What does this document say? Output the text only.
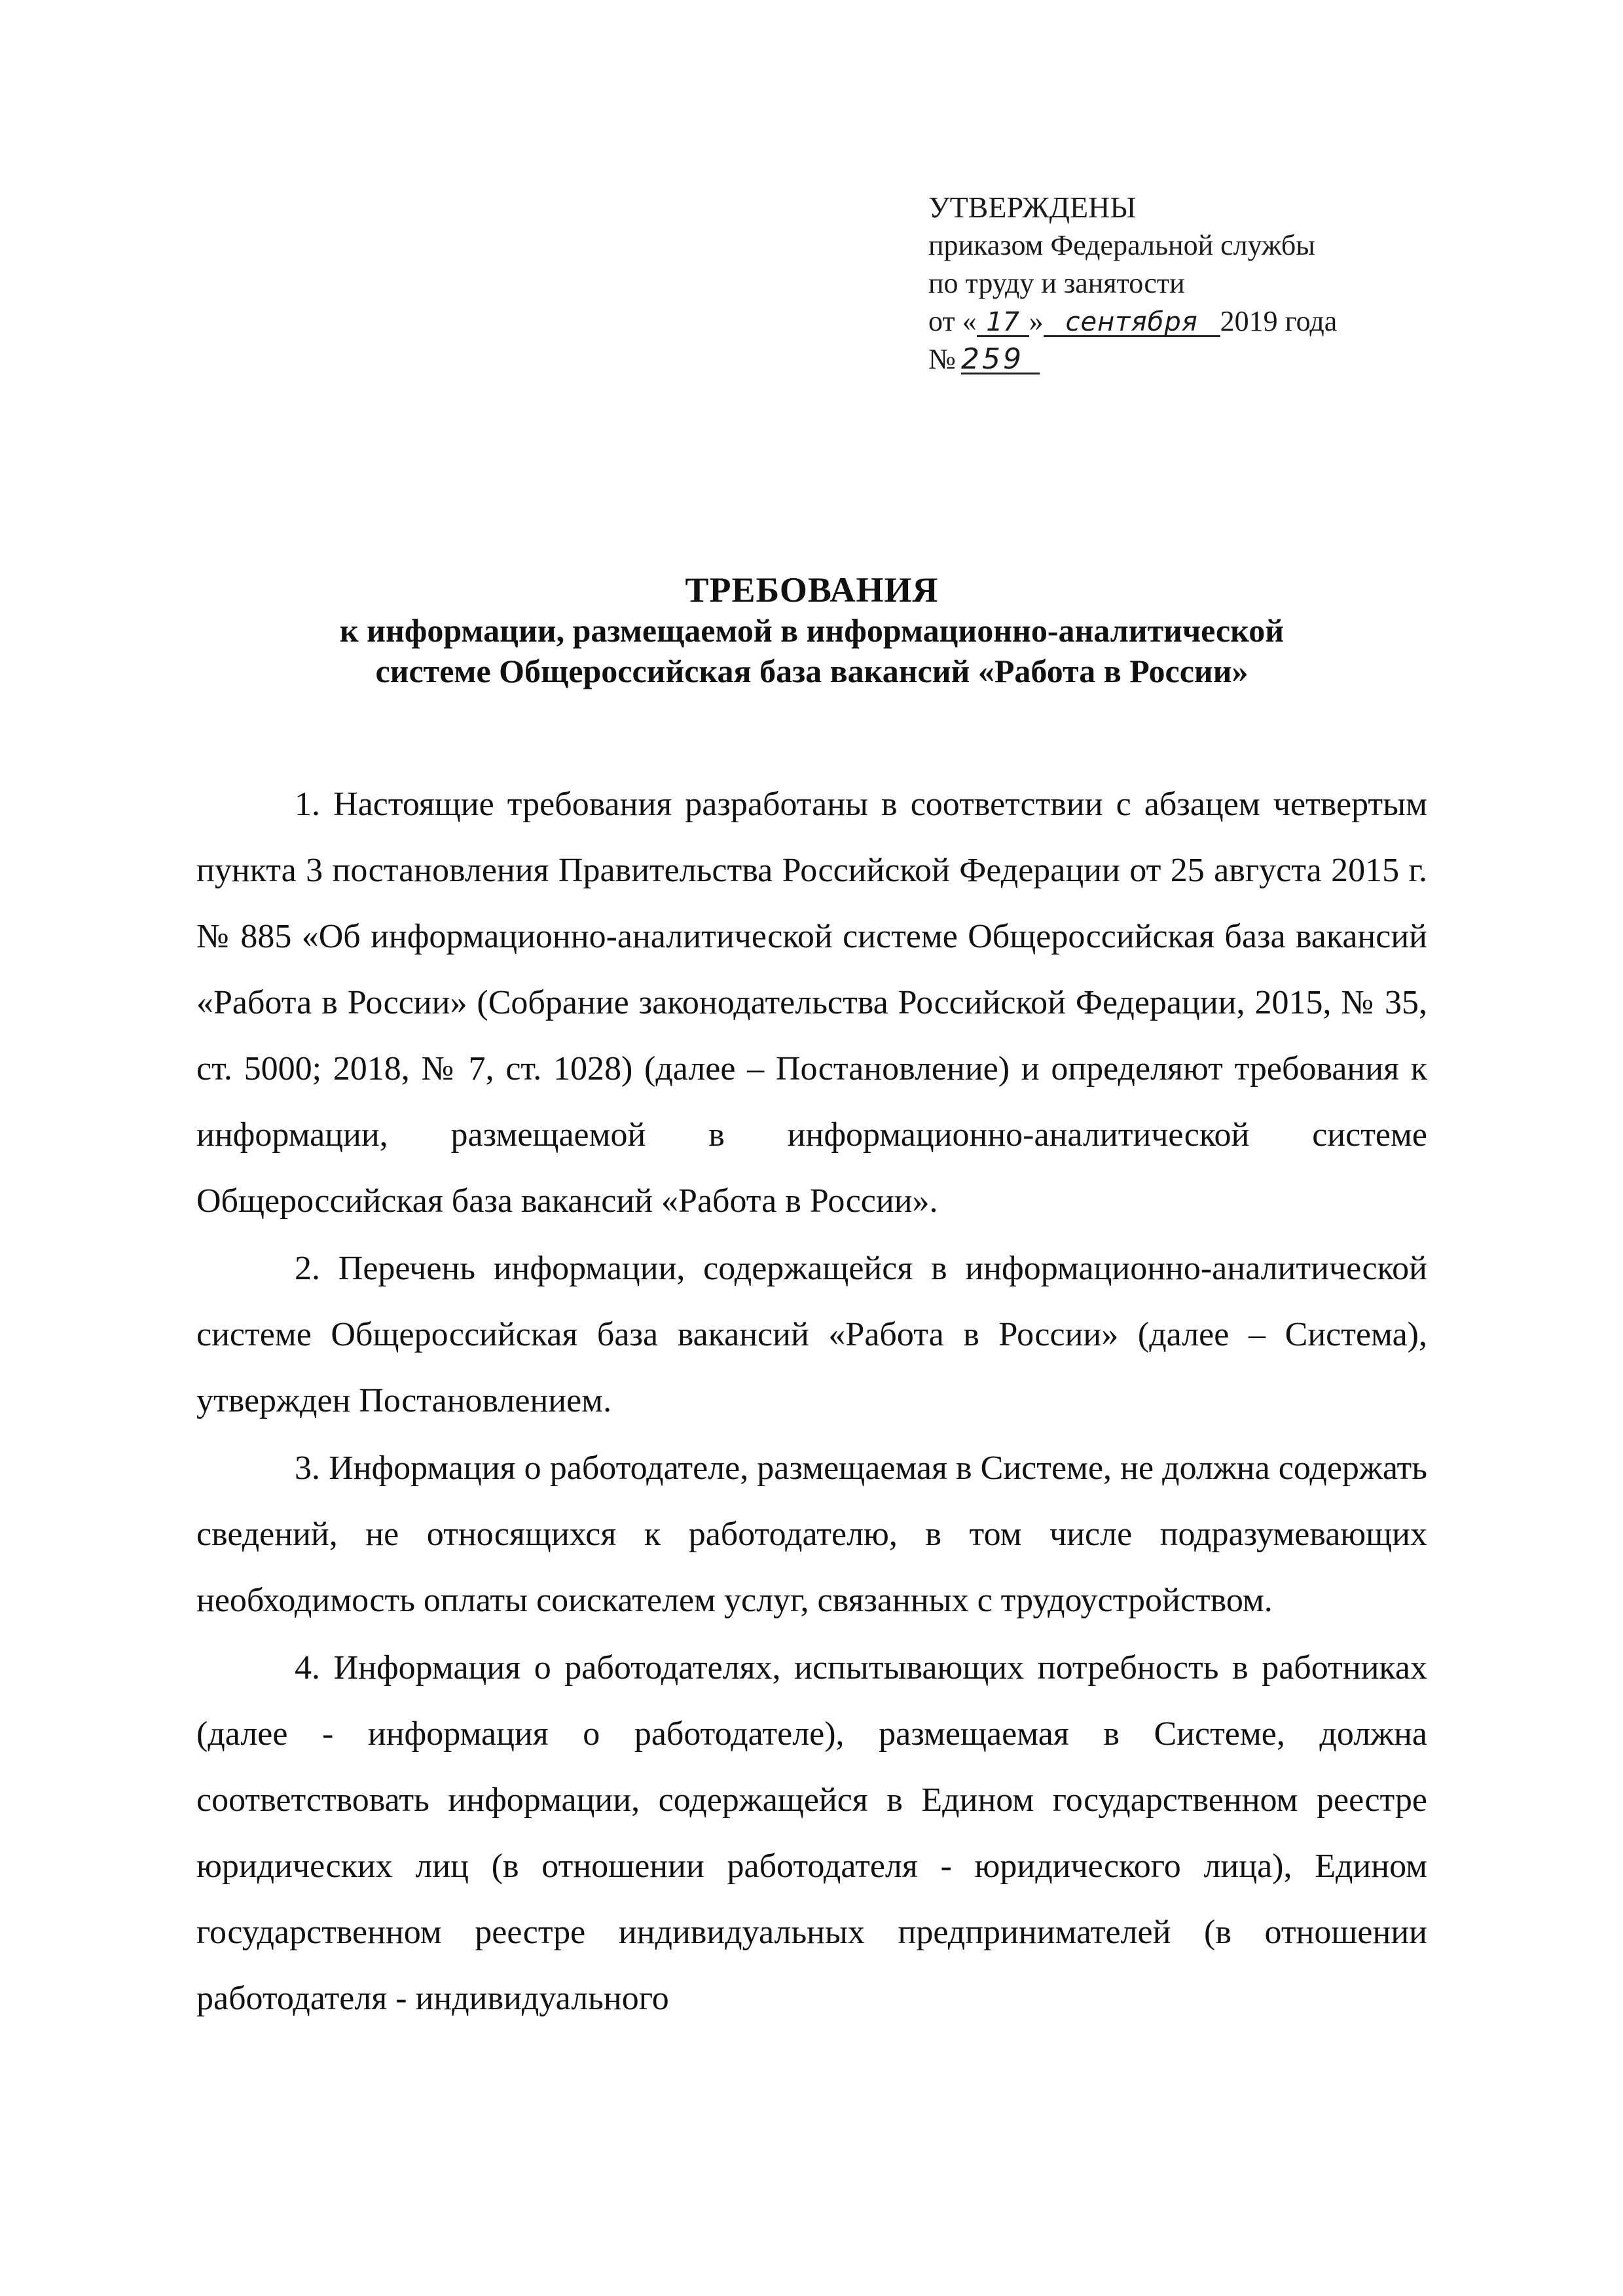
УТВЕРЖДЕНЫ
приказом Федеральной службы
по труду и занятости
от « 17 » сентября 2019 года
№ 259
ТРЕБОВАНИЯ
к информации, размещаемой в информационно-аналитической
системе Общероссийская база вакансий «Работа в России»

1. Настоящие требования разработаны в соответствии с абзацем четвертым пункта 3 постановления Правительства Российской Федерации от 25 августа 2015 г. № 885 «Об информационно-аналитической системе Общероссийская база вакансий «Работа в России» (Собрание законодательства Российской Федерации, 2015, № 35, ст. 5000; 2018, № 7, ст. 1028) (далее – Постановление) и определяют требования к информации, размещаемой в информационно-аналитической системе Общероссийская база вакансий «Работа в России».

2. Перечень информации, содержащейся в информационно-аналитической системе Общероссийская база вакансий «Работа в России» (далее – Система), утвержден Постановлением.

3. Информация о работодателе, размещаемая в Системе, не должна содержать сведений, не относящихся к работодателю, в том числе подразумевающих необходимость оплаты соискателем услуг, связанных с трудоустройством.

4. Информация о работодателях, испытывающих потребность в работниках (далее - информация о работодателе), размещаемая в Системе, должна соответствовать информации, содержащейся в Едином государственном реестре юридических лиц (в отношении работодателя - юридического лица), Едином государственном реестре индивидуальных предпринимателей (в отношении работодателя - индивидуального
